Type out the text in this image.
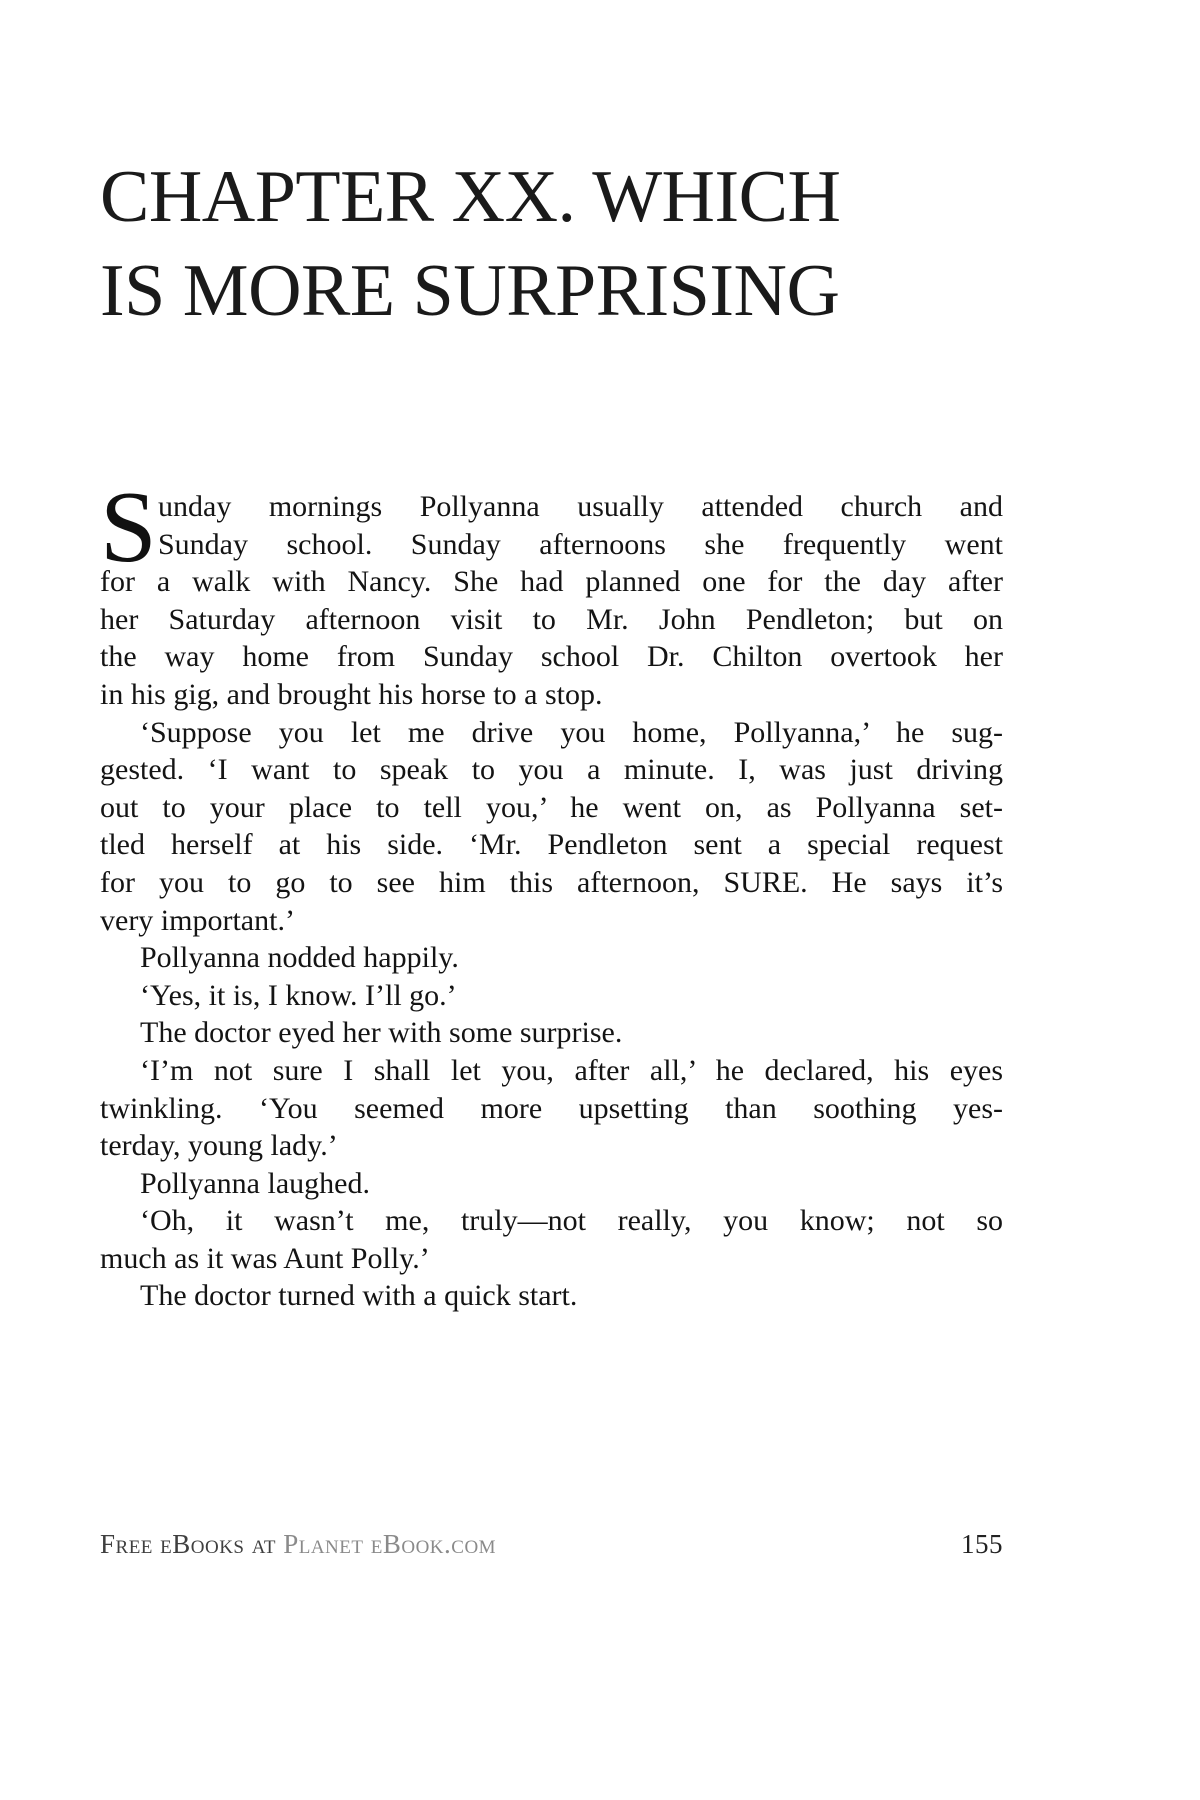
CHAPTER XX. WHICH
IS MORE SURPRISING
S unday mornings Pollyanna usually attended church and
Sunday school. Sunday afternoons she frequently went
for a walk with Nancy. She had planned one for the day after
her Saturday afternoon visit to Mr. John Pendleton; but on
the way home from Sunday school Dr. Chilton overtook her
in his gig, and brought his horse to a stop.
‘Suppose you let me drive you home, Pollyanna,’ he sug-
gested. ‘I want to speak to you a minute. I, was just driving
out to your place to tell you,’ he went on, as Pollyanna set-
tled herself at his side. ‘Mr. Pendleton sent a special request
for you to go to see him this afternoon, SURE. He says it’s
very important.’
Pollyanna nodded happily.
‘Yes, it is, I know. I’ll go.’
The doctor eyed her with some surprise.
‘I’m not sure I shall let you, after all,’ he declared, his eyes
twinkling. ‘You seemed more upsetting than soothing yes-
terday, young lady.’
Pollyanna laughed.
‘Oh, it wasn’t me, truly—not really, you know; not so
much as it was Aunt Polly.’
The doctor turned with a quick start.
Free eBooks at Planet eBook.com	155
